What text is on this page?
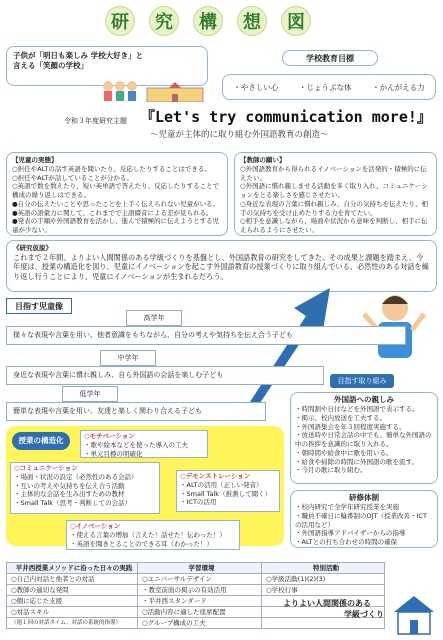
研	究	構	想	図
子供が「明日も楽しみ 学校大好き」と
言える「笑顔の学校」
学校教育目標
・やさしい心	・じょうぶな体	・かんがえる力
令和３年度研究主題 『Let's try communication more!』
～児童が主体的に取り組む外国語教育の創造～
【児童の実態】
○担任やALTの話す英語を聞いたり、反応したりすることはできる。
○担任やALTが話していることが分かる。
○英語で数を数えたり、短い英単語で答えたり、反応したりすることで構成の繰り返しはできる。
●自分の伝えたいことや思ったことを上手く伝えられない児童がいる。
●英語の語彙力に関して、これまでで主語綴音による差が見られる。
●発表の手順や外国語教育を活かし、進んで積極的に伝えようとする児童が少ない。
【教師の願い】
○外国語教育から得られるイノベーションを活発的・積極的に伝えたい。
○外国語に慣れ親しませる活動を多く取り入れ、コミュニケーションをとる楽しさを感じさせたい。
○身近な表現の言葉に慣れ親しみ、自分の気持ちを伝えたり、相手の気持ちを受け止めたりする力を育てたい。
○相手を意識しながら、場面や状況から意味を判断し、相手に伝えられるようにさせたい。
《研究仮説》
これまで２年間、よりよい人間関係のある学級づくりを基盤とし、外国語教育の研究をしてきた。その成果と課題を踏まえ、今年度は、授業の構造化を図り、児童にイノベーションを起こす外国語教育の授業づくりに取り組んでいる。必然性のある対話を繰り返し行うことにより、児童にイノベーションが生まれるだろう。
目指す児童像
高学年
様々な表現や言葉を用い、他者意識をもちながら、自分の考えや気持ちを伝え合う子ども
中学年
身近な表現や言葉に慣れ親しみ、自ら外国語の会話を楽しむ子ども
低学年
簡単な表現や言葉を用い、友達と楽しく関わり合える子ども
目指す取り組み
授業の構造化	○モチベーション
・歌や絵本などを使った導入の工夫
・単元目標の明確化
○コミュニケーション
・場面・状況の設定（必然性のある会話）
・互いの考えや気持ちを伝え合う活動
・主体的な会話を生み出すための教材
・Small Talk（思考・判断しての会話）
○デモンストレーション
・ALTの活用（正しい発音）
・Small Talk（推測して聞く）
・ICTの活用
○イノベーション
・使える言葉の増加（言えた！話せた！伝わった！）
・英語を聞きとることのできる耳（わかった！）
外国語への親しみ
・時間割や日付などを外国語で表示する。
・掲示、校内放送を工夫する。
・外国語集会を年３回程度実施する。
・放送時や日常会話の中でも、簡単な外国語の中の挨拶を意識的に取り入れる。
・朝時間や給食中に歌を用いる。
・給食や掃除の時間に外国語の歌を流す。
・今月の歌に取り組む。
研修体制
・校内研究で全学年研究授業を実施
・職員不確日に輪番制のOJT（授業改善・ICTの活用など）
・外国語指導アドバイザーからの指導
・ALTとの打ち合わせの時間の確保
平井西授業メソッドに沿った日々の実践	学習環境	特別活動
○自己内対話と他者との対話	○ユニバーサルデザイン	○学級活動(1)(2)(3)
○教師の適切な発問	・教室前面の掲示の有効活用	○学校行事
○個に応じた支援	・平井西スタンダード
○対話スキル	○活動内容に適した座席配置
（週１回の対話タイム、対話の系統的指導）	○グループ構成の工夫
よりよい人間関係のある
学級づくり
